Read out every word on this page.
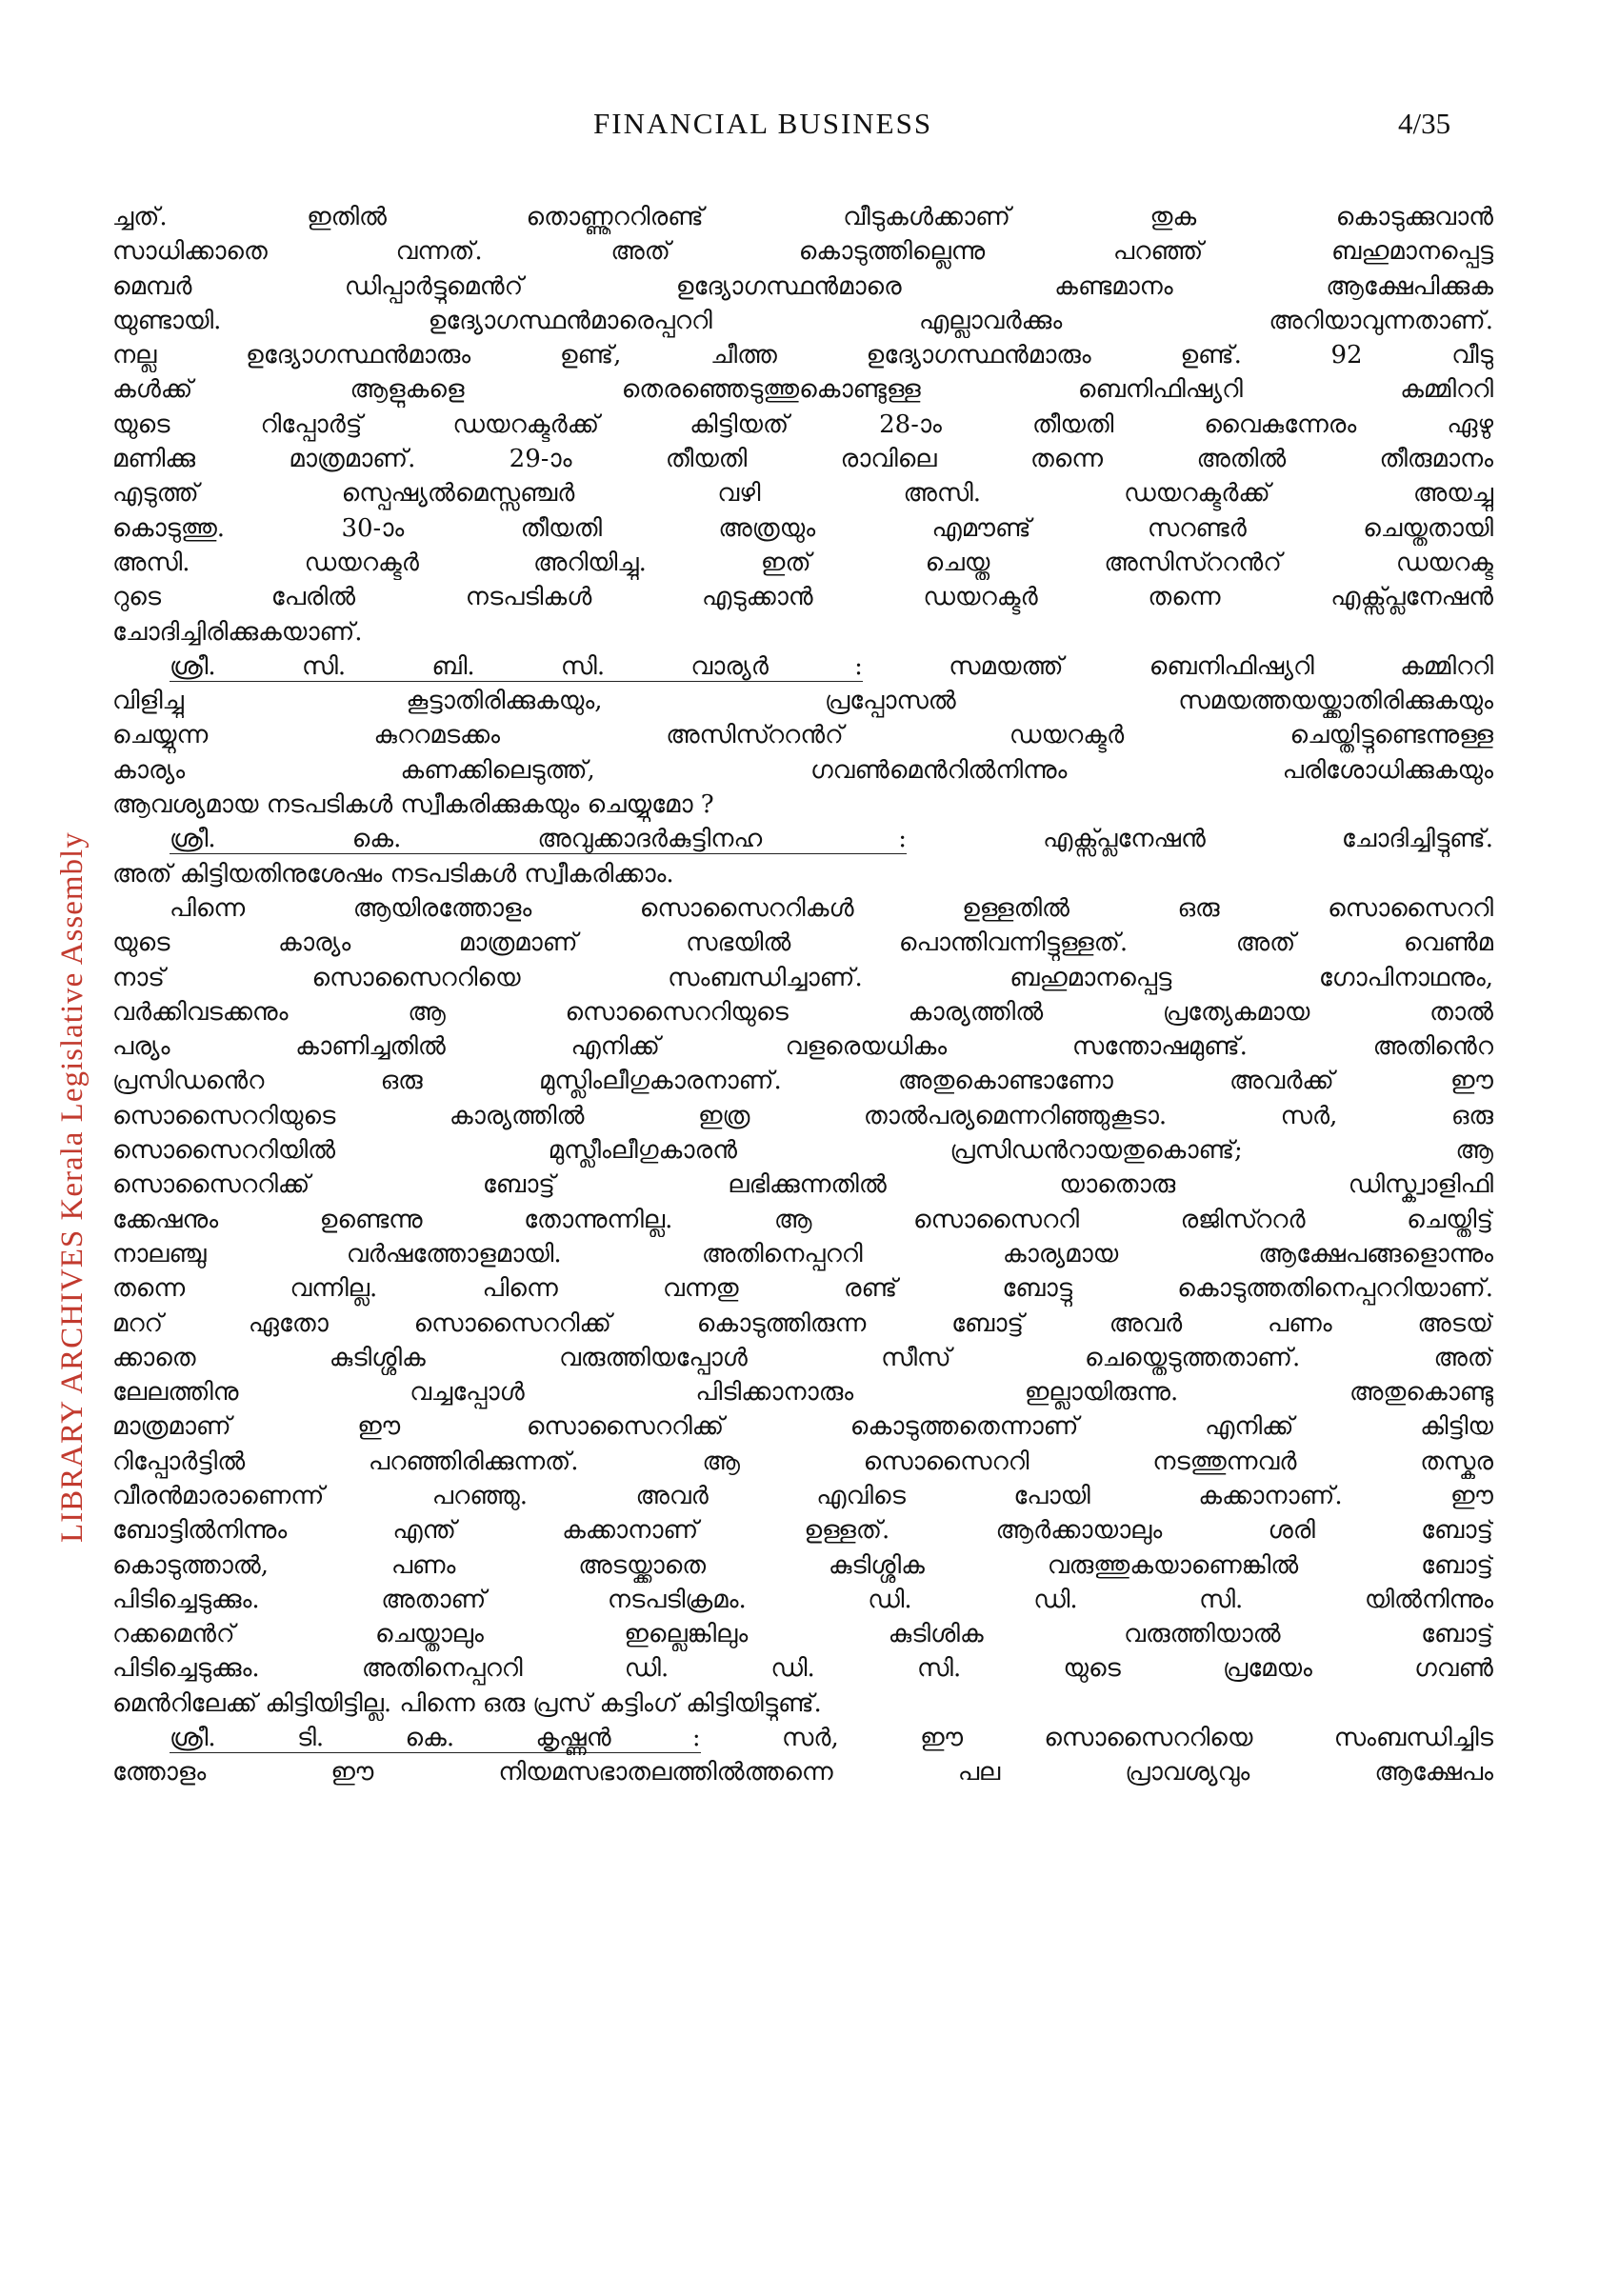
FINANCIAL BUSINESS	4/35
LIBRARY ARCHIVES Kerala Legislative Assembly
ച്ചത്. ഇതിൽ തൊണ്ണൂററിരണ്ട് വീടുകൾക്കാണ് തുക കൊടുക്കുവാൻ
സാധിക്കാതെ വന്നത്. അത് കൊടുത്തില്ലെന്നു പറഞ്ഞ് ബഹുമാനപ്പെട്ട
മെമ്പർ ഡിപ്പാർട്ടുമെൻറ് ഉദ്യോഗസ്ഥൻമാരെ കണ്ടമാനം ആക്ഷേപിക്കുക
യുണ്ടായി. ഉദ്യോഗസ്ഥൻമാരെപ്പററി എല്ലാവർക്കും അറിയാവുന്നതാണ്.
നല്ല ഉദ്യോഗസ്ഥൻമാരും ഉണ്ട്, ചീത്ത ഉദ്യോഗസ്ഥൻമാരും ഉണ്ട്. 92 വീടു
കൾക്ക് ആളുകളെ തെരഞ്ഞെടുത്തുകൊണ്ടുള്ള ബെനിഫിഷ്യറി കമ്മിററി
യുടെ റിപ്പോർട്ട് ഡയറക്ടർക്ക് കിട്ടിയത് 28-ാം തീയതി വൈകുന്നേരം ഏഴു
മണിക്കു മാത്രമാണ്. 29-ാം തീയതി രാവിലെ തന്നെ അതിൽ തീരുമാനം
എടുത്ത് സ്പെഷ്യൽമെസ്സഞ്ചർ വഴി അസി. ഡയറക്ടർക്ക് അയച്ചു
കൊടുത്തു. 30-ാം തീയതി അത്രയും എമൗണ്ട് സറണ്ടർ ചെയ്തതായി
അസി. ഡയറക്ടർ അറിയിച്ചു. ഇത് ചെയ്ത അസിസ്ററൻറ് ഡയറക്ട
റുടെ പേരിൽ നടപടികൾ എടുക്കാൻ ഡയറക്ടർ തന്നെ എക്സ്പ്ലനേഷൻ
ചോദിച്ചിരിക്കുകയാണ്.
ശ്രീ. സി. ബി. സി. വാര്യർ : സമയത്ത് ബെനിഫിഷ്യറി കമ്മിററി
വിളിച്ചു കൂട്ടാതിരിക്കുകയും, പ്രപ്പോസൽ സമയത്തയയ്ക്കാതിരിക്കുകയും
ചെയ്യുന്ന കുററമടക്കം അസിസ്ററൻറ് ഡയറക്ടർ ചെയ്തിട്ടുണ്ടെന്നുള്ള
കാര്യം കണക്കിലെടുത്ത്, ഗവൺമെൻറിൽനിന്നും പരിശോധിക്കുകയും
ആവശ്യമായ നടപടികൾ സ്വീകരിക്കുകയും ചെയ്യുമോ ?
ശ്രീ. കെ. അവുക്കാദർകുട്ടിനഹ : എക്സ്പ്ലനേഷൻ ചോദിച്ചിട്ടുണ്ട്.
അത് കിട്ടിയതിനുശേഷം നടപടികൾ സ്വീകരിക്കാം.
പിന്നെ ആയിരത്തോളം സൊസൈററികൾ ഉള്ളതിൽ ഒരു സൊസൈററി
യുടെ കാര്യം മാത്രമാണ് സഭയിൽ പൊന്തിവന്നിട്ടുള്ളത്. അത് വെൺമ
നാട് സൊസൈററിയെ സംബന്ധിച്ചാണ്. ബഹുമാനപ്പെട്ട ഗോപിനാഥനും,
വർക്കിവടക്കനും ആ സൊസൈററിയുടെ കാര്യത്തിൽ പ്രത്യേകമായ താൽ
പര്യം കാണിച്ചതിൽ എനിക്ക് വളരെയധികം സന്തോഷമുണ്ട്. അതിൻെറ
പ്രസിഡൻെറ ഒരു മുസ്ലിംലീഗുകാരനാണ്. അതുകൊണ്ടാണോ അവർക്ക് ഈ
സൊസൈററിയുടെ കാര്യത്തിൽ ഇത്ര താൽപര്യമെന്നറിഞ്ഞുകൂടാ. സർ, ഒരു
സൊസൈററിയിൽ മുസ്ലീംലീഗുകാരൻ പ്രസിഡൻറായതുകൊണ്ട്; ആ
സൊസൈററിക്ക് ബോട്ട് ലഭിക്കുന്നതിൽ യാതൊരു ഡിസ്ക്വാളിഫി
ക്കേഷനും ഉണ്ടെന്നു തോന്നുന്നില്ല. ആ സൊസൈററി രജിസ്ററർ ചെയ്തിട്ട്
നാലഞ്ചു വർഷത്തോളമായി. അതിനെപ്പററി കാര്യമായ ആക്ഷേപങ്ങളൊന്നും
തന്നെ വന്നില്ല. പിന്നെ വന്നതു രണ്ട് ബോട്ടു കൊടുത്തതിനെപ്പററിയാണ്.
മററ് ഏതോ സൊസൈററിക്ക് കൊടുത്തിരുന്ന ബോട്ട് അവർ പണം അടയ്
ക്കാതെ കുടിശ്ശിക വരുത്തിയപ്പോൾ സീസ് ചെയ്തെടുത്തതാണ്. അത്
ലേലത്തിനു വച്ചപ്പോൾ പിടിക്കാനാരും ഇല്ലായിരുന്നു. അതുകൊണ്ടു
മാത്രമാണ് ഈ സൊസൈററിക്ക് കൊടുത്തതെന്നാണ് എനിക്ക് കിട്ടിയ
റിപ്പോർട്ടിൽ പറഞ്ഞിരിക്കുന്നത്. ആ സൊസൈററി നടത്തുന്നവർ തസ്കര
വീരൻമാരാണെന്ന് പറഞ്ഞു. അവർ എവിടെ പോയി കക്കാനാണ്. ഈ
ബോട്ടിൽനിന്നും എന്ത് കക്കാനാണ് ഉള്ളത്. ആർക്കായാലും ശരി ബോട്ട്
കൊടുത്താൽ, പണം അടയ്ക്കാതെ കുടിശ്ശിക വരുത്തുകയാണെങ്കിൽ ബോട്ട്
പിടിച്ചെടുക്കും. അതാണ് നടപടിക്രമം. ഡി. ഡി. സി. യിൽനിന്നും
റക്കമെൻറ് ചെയ്താലും ഇല്ലെങ്കിലും കുടിശിക വരുത്തിയാൽ ബോട്ട്
പിടിച്ചെടുക്കും. അതിനെപ്പററി ഡി. ഡി. സി. യുടെ പ്രമേയം ഗവൺ
മെൻറിലേക്ക് കിട്ടിയിട്ടില്ല. പിന്നെ ഒരു പ്രസ് കട്ടിംഗ് കിട്ടിയിട്ടുണ്ട്.
ശ്രീ. ടി. കെ. കൃഷ്ണൻ : സർ, ഈ സൊസൈററിയെ സംബന്ധിച്ചിട
ത്തോളം ഈ നിയമസഭാതലത്തിൽത്തന്നെ പല പ്രാവശ്യവും ആക്ഷേപം
